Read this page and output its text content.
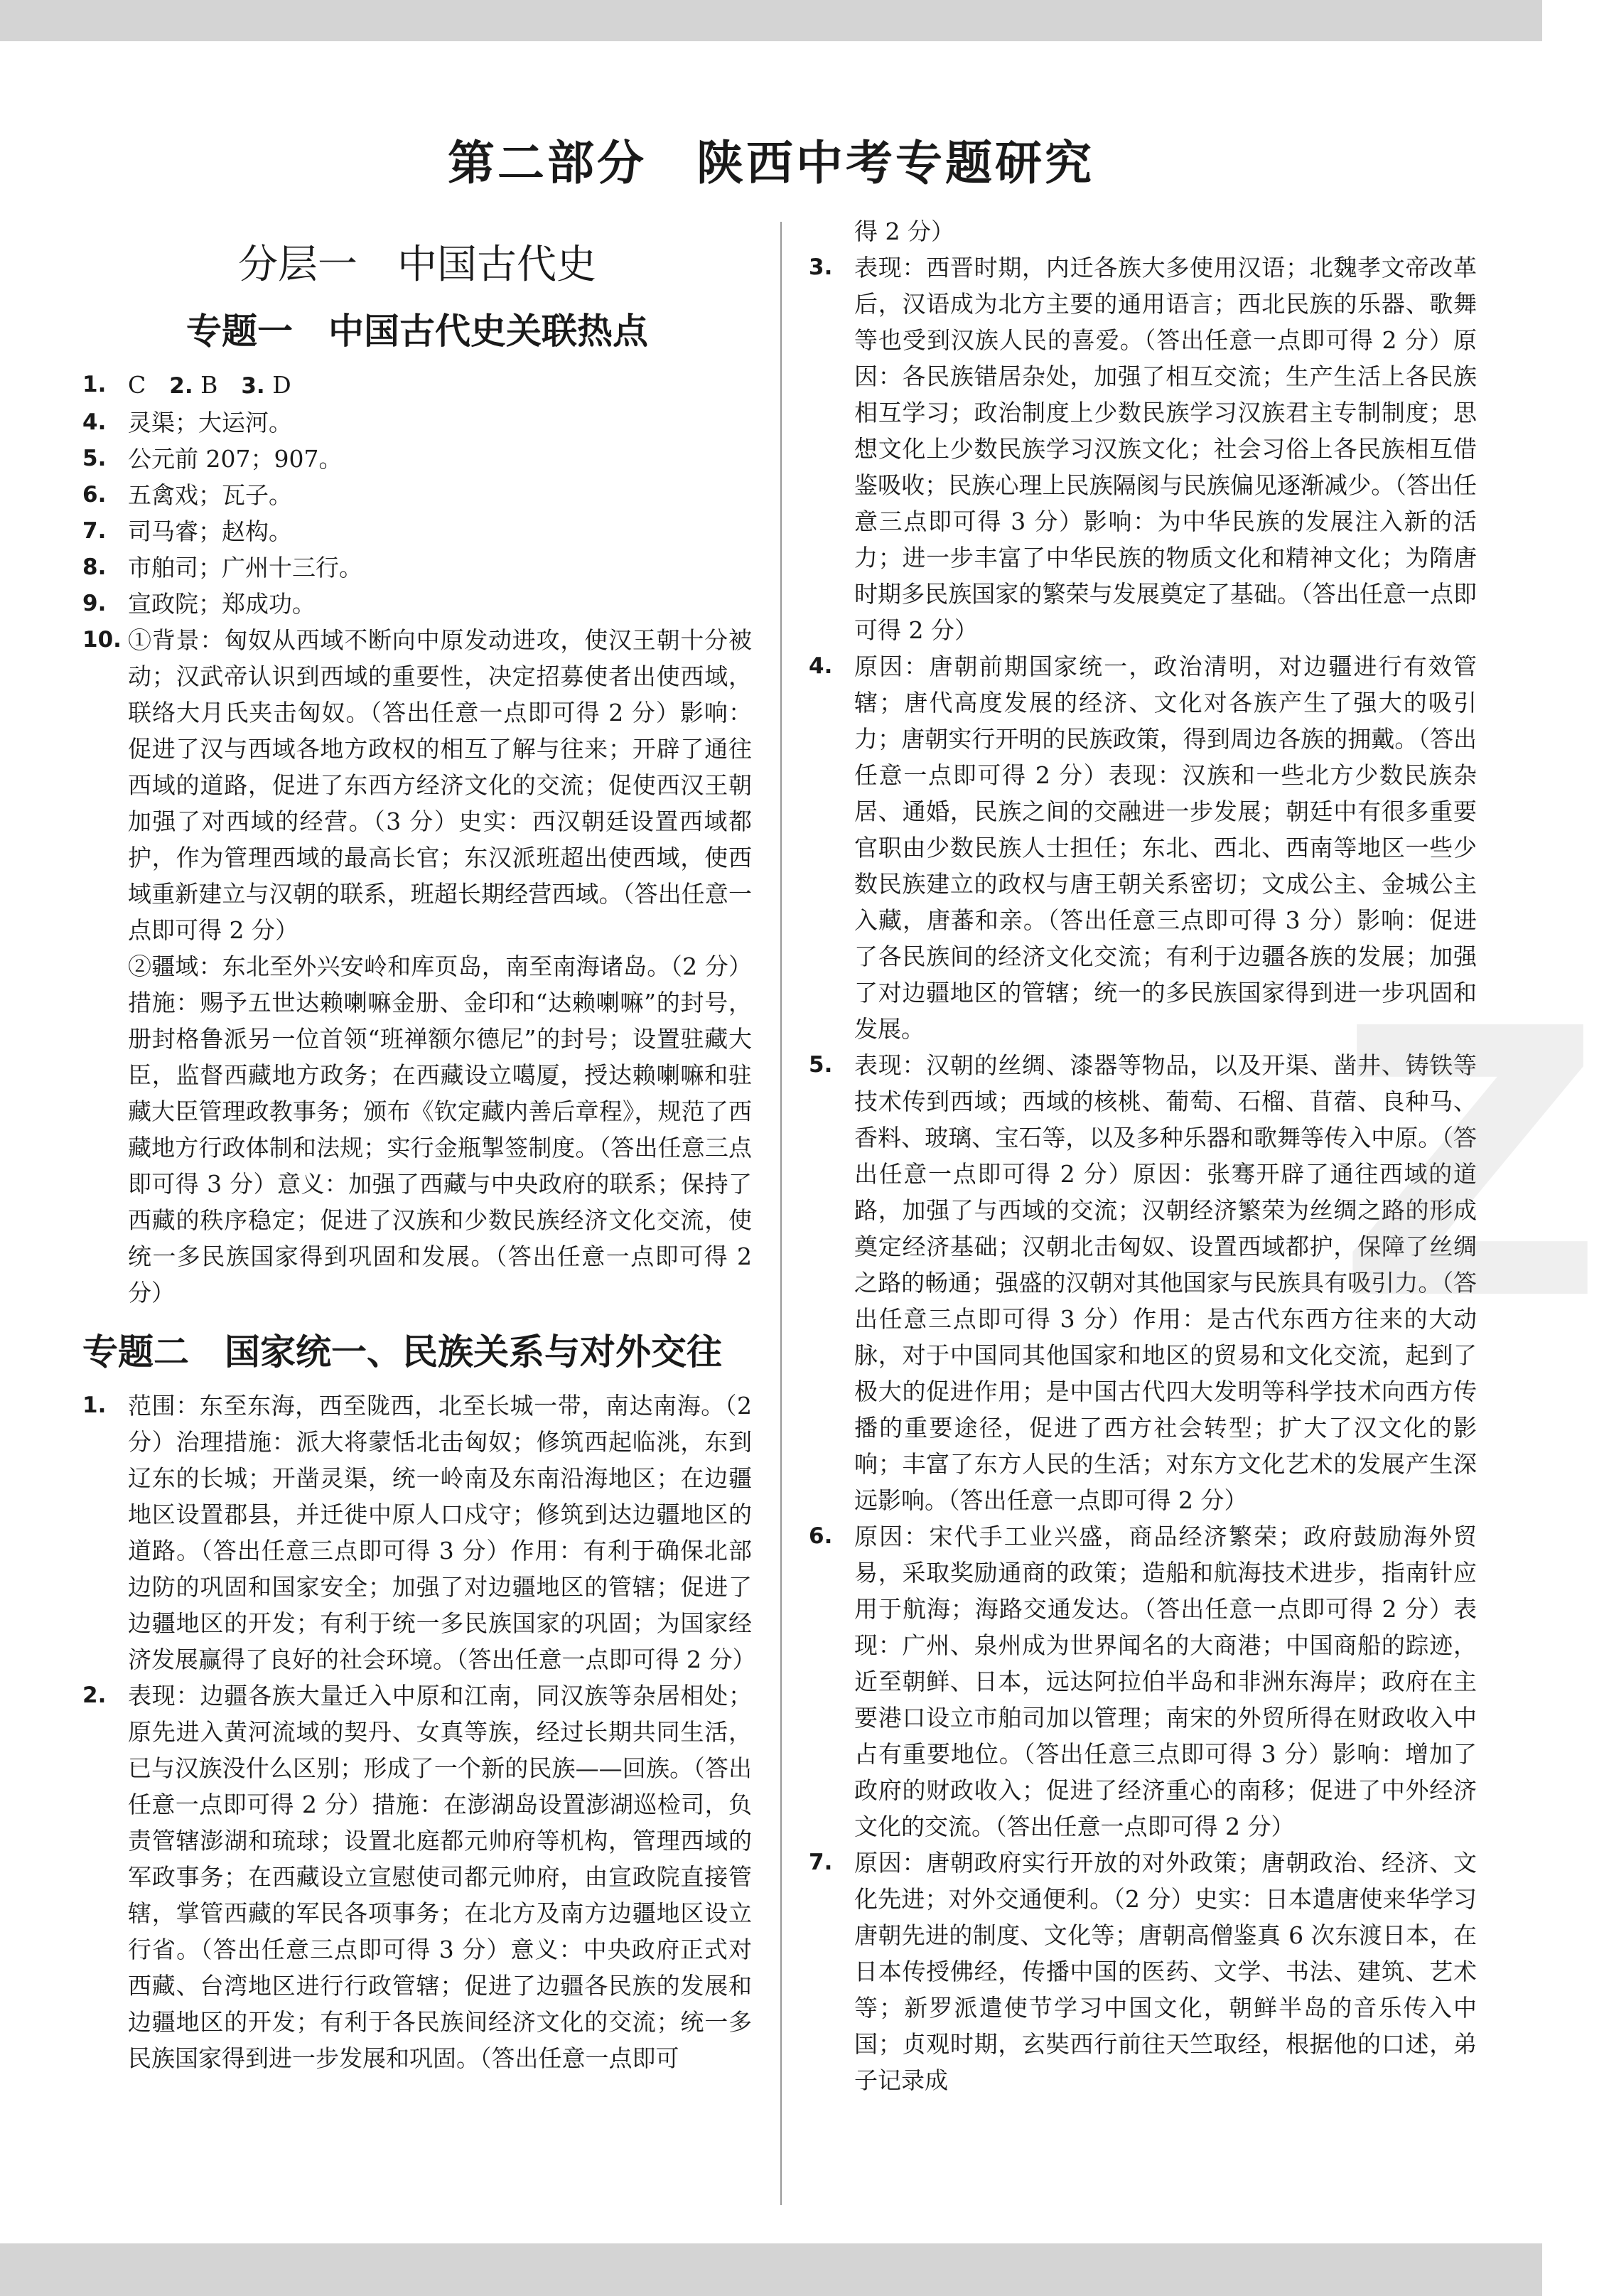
第二部分　陕西中考专题研究
分层一　中国古代史
专题一　中国古代史关联热点
1. C　2. B　3. D
4. 灵渠；大运河。
5. 公元前 207；907。
6. 五禽戏；瓦子。
7. 司马睿；赵构。
8. 市舶司；广州十三行。
9. 宣政院；郑成功。
10. ①背景：匈奴从西域不断向中原发动进攻，使汉王朝十分被动；汉武帝认识到西域的重要性，决定招募使者出使西域，联络大月氏夹击匈奴。（答出任意一点即可得 2 分）影响：促进了汉与西域各地方政权的相互了解与往来；开辟了通往西域的道路，促进了东西方经济文化的交流；促使西汉王朝加强了对西域的经营。（3 分）史实：西汉朝廷设置西域都护，作为管理西域的最高长官；东汉派班超出使西域，使西域重新建立与汉朝的联系，班超长期经营西域。（答出任意一点即可得 2 分）
②疆域：东北至外兴安岭和库页岛，南至南海诸岛。（2 分）措施：赐予五世达赖喇嘛金册、金印和“达赖喇嘛”的封号，册封格鲁派另一位首领“班禅额尔德尼”的封号；设置驻藏大臣，监督西藏地方政务；在西藏设立噶厦，授达赖喇嘛和驻藏大臣管理政教事务；颁布《钦定藏内善后章程》，规范了西藏地方行政体制和法规；实行金瓶掣签制度。（答出任意三点即可得 3 分）意义：加强了西藏与中央政府的联系；保持了西藏的秩序稳定；促进了汉族和少数民族经济文化交流，使统一多民族国家得到巩固和发展。（答出任意一点即可得 2 分）
专题二　国家统一、民族关系与对外交往
1. 范围：东至东海，西至陇西，北至长城一带，南达南海。（2 分）治理措施：派大将蒙恬北击匈奴；修筑西起临洮，东到辽东的长城；开凿灵渠，统一岭南及东南沿海地区；在边疆地区设置郡县，并迁徙中原人口戍守；修筑到达边疆地区的道路。（答出任意三点即可得 3 分）作用：有利于确保北部边防的巩固和国家安全；加强了对边疆地区的管辖；促进了边疆地区的开发；有利于统一多民族国家的巩固；为国家经济发展赢得了良好的社会环境。（答出任意一点即可得 2 分）
2. 表现：边疆各族大量迁入中原和江南，同汉族等杂居相处；原先进入黄河流域的契丹、女真等族，经过长期共同生活，已与汉族没什么区别；形成了一个新的民族——回族。（答出任意一点即可得 2 分）措施：在澎湖岛设置澎湖巡检司，负责管辖澎湖和琉球；设置北庭都元帅府等机构，管理西域的军政事务；在西藏设立宣慰使司都元帅府，由宣政院直接管辖，掌管西藏的军民各项事务；在北方及南方边疆地区设立行省。（答出任意三点即可得 3 分）意义：中央政府正式对西藏、台湾地区进行行政管辖；促进了边疆各民族的发展和边疆地区的开发；有利于各民族间经济文化的交流；统一多民族国家得到进一步发展和巩固。（答出任意一点即可
得 2 分）
3. 表现：西晋时期，内迁各族大多使用汉语；北魏孝文帝改革后，汉语成为北方主要的通用语言；西北民族的乐器、歌舞等也受到汉族人民的喜爱。（答出任意一点即可得 2 分）原因：各民族错居杂处，加强了相互交流；生产生活上各民族相互学习；政治制度上少数民族学习汉族君主专制制度；思想文化上少数民族学习汉族文化；社会习俗上各民族相互借鉴吸收；民族心理上民族隔阂与民族偏见逐渐减少。（答出任意三点即可得 3 分）影响：为中华民族的发展注入新的活力；进一步丰富了中华民族的物质文化和精神文化；为隋唐时期多民族国家的繁荣与发展奠定了基础。（答出任意一点即可得 2 分）
4. 原因：唐朝前期国家统一，政治清明，对边疆进行有效管辖；唐代高度发展的经济、文化对各族产生了强大的吸引力；唐朝实行开明的民族政策，得到周边各族的拥戴。（答出任意一点即可得 2 分）表现：汉族和一些北方少数民族杂居、通婚，民族之间的交融进一步发展；朝廷中有很多重要官职由少数民族人士担任；东北、西北、西南等地区一些少数民族建立的政权与唐王朝关系密切；文成公主、金城公主入藏，唐蕃和亲。（答出任意三点即可得 3 分）影响：促进了各民族间的经济文化交流；有利于边疆各族的发展；加强了对边疆地区的管辖；统一的多民族国家得到进一步巩固和发展。
5. 表现：汉朝的丝绸、漆器等物品，以及开渠、凿井、铸铁等技术传到西域；西域的核桃、葡萄、石榴、苜蓿、良种马、香料、玻璃、宝石等，以及多种乐器和歌舞等传入中原。（答出任意一点即可得 2 分）原因：张骞开辟了通往西域的道路，加强了与西域的交流；汉朝经济繁荣为丝绸之路的形成奠定经济基础；汉朝北击匈奴、设置西域都护，保障了丝绸之路的畅通；强盛的汉朝对其他国家与民族具有吸引力。（答出任意三点即可得 3 分）作用：是古代东西方往来的大动脉，对于中国同其他国家和地区的贸易和文化交流，起到了极大的促进作用；是中国古代四大发明等科学技术向西方传播的重要途径，促进了西方社会转型；扩大了汉文化的影响；丰富了东方人民的生活；对东方文化艺术的发展产生深远影响。（答出任意一点即可得 2 分）
6. 原因：宋代手工业兴盛，商品经济繁荣；政府鼓励海外贸易，采取奖励通商的政策；造船和航海技术进步，指南针应用于航海；海路交通发达。（答出任意一点即可得 2 分）表现：广州、泉州成为世界闻名的大商港；中国商船的踪迹，近至朝鲜、日本，远达阿拉伯半岛和非洲东海岸；政府在主要港口设立市舶司加以管理；南宋的外贸所得在财政收入中占有重要地位。（答出任意三点即可得 3 分）影响：增加了政府的财政收入；促进了经济重心的南移；促进了中外经济文化的交流。（答出任意一点即可得 2 分）
7. 原因：唐朝政府实行开放的对外政策；唐朝政治、经济、文化先进；对外交通便利。（2 分）史实：日本遣唐使来华学习唐朝先进的制度、文化等；唐朝高僧鉴真 6 次东渡日本，在日本传授佛经，传播中国的医药、文学、书法、建筑、艺术等；新罗派遣使节学习中国文化，朝鲜半岛的音乐传入中国；贞观时期，玄奘西行前往天竺取经，根据他的口述，弟子记录成
Z
